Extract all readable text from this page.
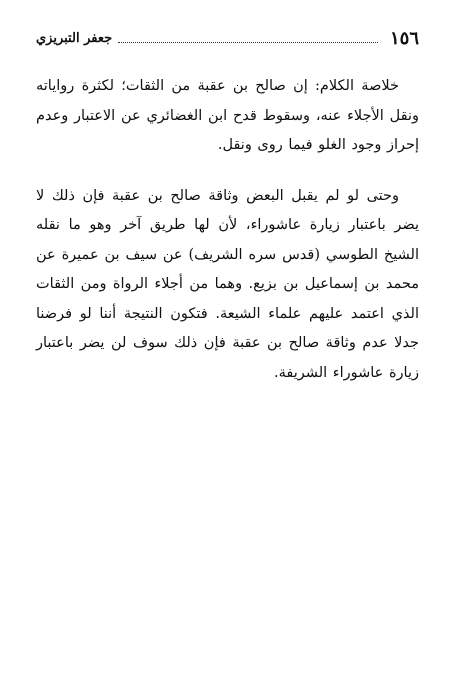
١٥٦
جعفر التبريزي

خلاصة الكلام: إن صالح بن عقبة من الثقات؛ لكثرة رواياته ونقل الأجلاء عنه، وسقوط قدح ابن الغضائري عن الاعتبار وعدم إحراز وجود الغلو فيما روى ونقل.

وحتى لو لم يقبل البعض وثاقة صالح بن عقبة فإن ذلك لا يضر باعتبار زيارة عاشوراء، لأن لها طريق آخر وهو ما نقله الشيخ الطوسي (قدس سره الشريف) عن سيف بن عميرة عن محمد بن إسماعيل بن بزيع. وهما من أجلاء الرواة ومن الثقات الذي اعتمد عليهم علماء الشيعة. فتكون النتيجة أننا لو فرضنا جدلا عدم وثاقة صالح بن عقبة فإن ذلك سوف لن يضر باعتبار زيارة عاشوراء الشريفة.
